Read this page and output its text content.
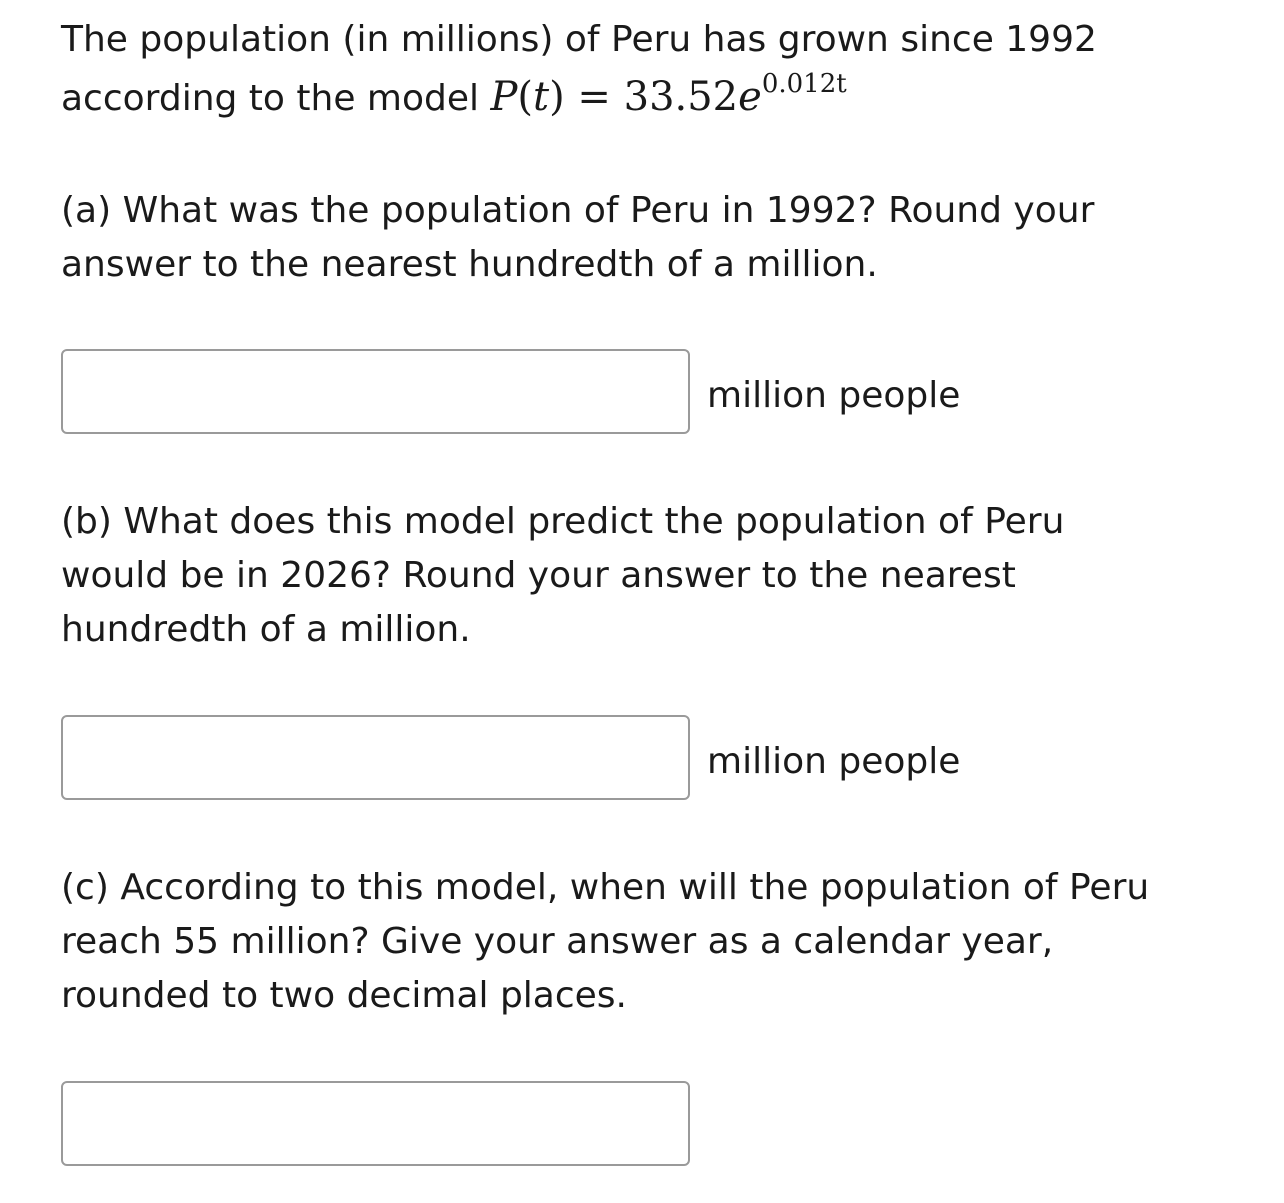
The population (in millions) of Peru has grown since 1992
according to the model $P(t) = 33.52e^{0.012t}$
(a) What was the population of Peru in 1992? Round your
answer to the nearest hundredth of a million.
million people
(b) What does this model predict the population of Peru
would be in 2026? Round your answer to the nearest
hundredth of a million.
million people
(c) According to this model, when will the population of Peru
reach 55 million? Give your answer as a calendar year,
rounded to two decimal places.
